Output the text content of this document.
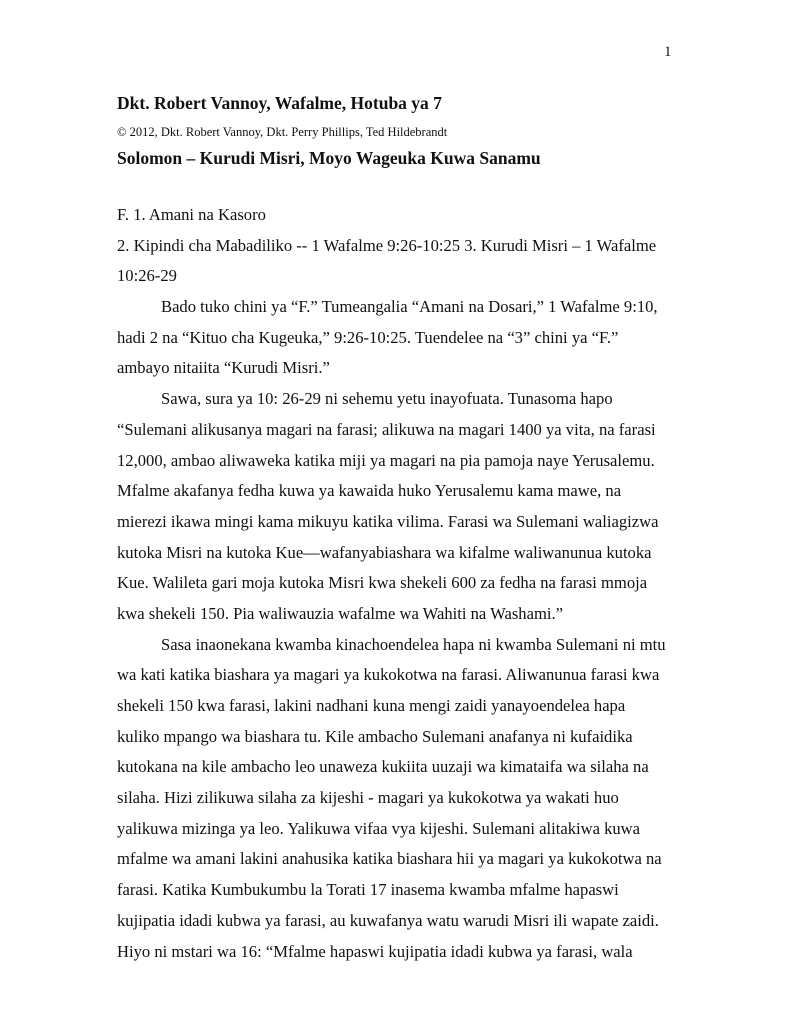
1
Dkt. Robert Vannoy, Wafalme, Hotuba ya 7
© 2012, Dkt. Robert Vannoy, Dkt. Perry Phillips, Ted Hildebrandt
Solomon – Kurudi Misri, Moyo Wageuka Kuwa Sanamu
F. 1. Amani na Kasoro
2. Kipindi cha Mabadiliko -- 1 Wafalme 9:26-10:25 3. Kurudi Misri – 1 Wafalme
10:26-29
Bado tuko chini ya “F.” Tumeangalia “Amani na Dosari,” 1 Wafalme 9:10,
hadi 2 na “Kituo cha Kugeuka,” 9:26-10:25. Tuendelee na “3” chini ya “F.”
ambayo nitaiita “Kurudi Misri.”
Sawa, sura ya 10: 26-29 ni sehemu yetu inayofuata. Tunasoma hapo
“Sulemani alikusanya magari na farasi; alikuwa na magari 1400 ya vita, na farasi
12,000, ambao aliwaweka katika miji ya magari na pia pamoja naye Yerusalemu.
Mfalme akafanya fedha kuwa ya kawaida huko Yerusalemu kama mawe, na
mierezi ikawa mingi kama mikuyu katika vilima. Farasi wa Sulemani waliagizwa
kutoka Misri na kutoka Kue—wafanyabiashara wa kifalme waliwanunua kutoka
Kue. Walileta gari moja kutoka Misri kwa shekeli 600 za fedha na farasi mmoja
kwa shekeli 150. Pia waliwauzia wafalme wa Wahiti na Washami.”
Sasa inaonekana kwamba kinachoendelea hapa ni kwamba Sulemani ni mtu
wa kati katika biashara ya magari ya kukokotwa na farasi. Aliwanunua farasi kwa
shekeli 150 kwa farasi, lakini nadhani kuna mengi zaidi yanayoendelea hapa
kuliko mpango wa biashara tu. Kile ambacho Sulemani anafanya ni kufaidika
kutokana na kile ambacho leo unaweza kukiita uuzaji wa kimataifa wa silaha na
silaha. Hizi zilikuwa silaha za kijeshi - magari ya kukokotwa ya wakati huo
yalikuwa mizinga ya leo. Yalikuwa vifaa vya kijeshi. Sulemani alitakiwa kuwa
mfalme wa amani lakini anahusika katika biashara hii ya magari ya kukokotwa na
farasi. Katika Kumbukumbu la Torati 17 inasema kwamba mfalme hapaswi
kujipatia idadi kubwa ya farasi, au kuwafanya watu warudi Misri ili wapate zaidi.
Hiyo ni mstari wa 16: “Mfalme hapaswi kujipatia idadi kubwa ya farasi, wala
